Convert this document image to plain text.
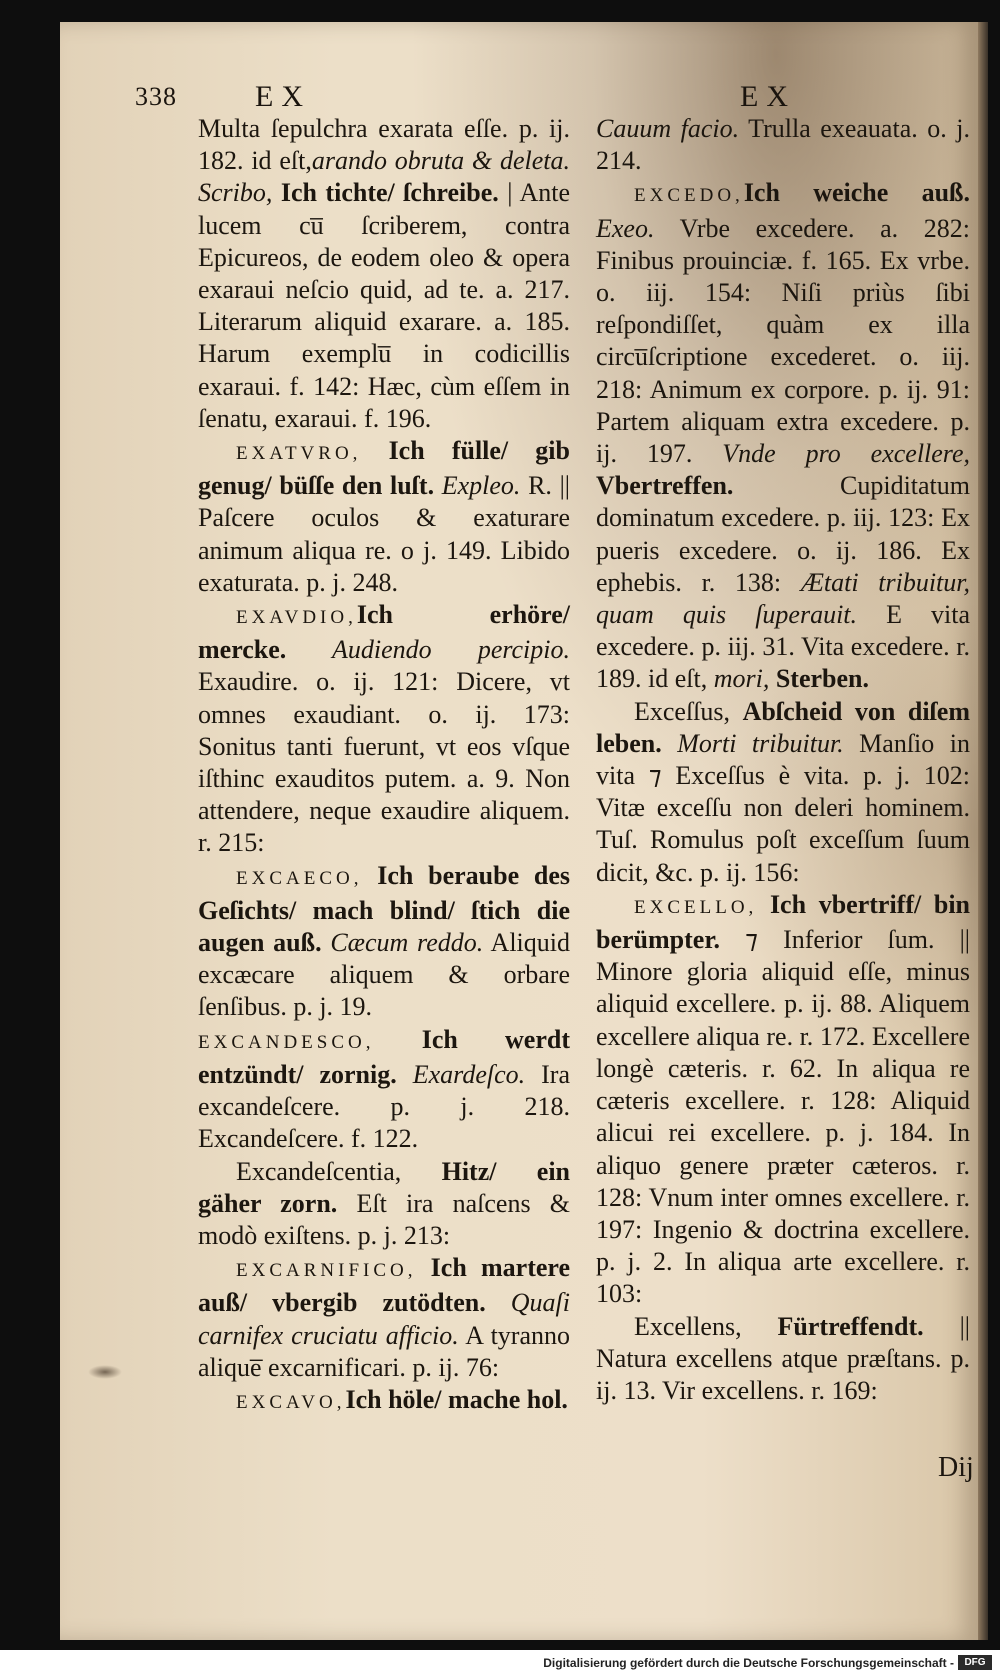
338	EX	EX

Multa ſepulchra exarata eſſe. p. ij. 182. id eſt,arando obruta & deleta. Scribo, Ich tichte/ ſchreibe. | Ante lucem cu̅ ſcriberem, contra Epicureos, de eodem oleo & opera exaraui neſcio quid, ad te. a. 217. Literarum aliquid exarare. a. 185. Harum exemplu̅ in codicillis exaraui. f. 142: Hæc, cùm eſſem in ſenatu, exaraui. f. 196.

EXATVRO, Ich fülle/ gib genug/ büſſe den luſt. Expleo. R. || Paſcere oculos & exaturare animum aliqua re. o j. 149. Libido exaturata. p. j. 248.

EXAVDIO,Ich erhöre/ mercke. Audiendo percipio. Exaudire. o. ij. 121: Dicere, vt omnes exaudiant. o. ij. 173: Sonitus tanti fuerunt, vt eos vſque iſthinc exauditos putem. a. 9. Non attendere, neque exaudire aliquem. r. 215:

EXCAECO, Ich beraube des Geſichts/ mach blind/ ſtich die augen auß. Cæcum reddo. Aliquid excæcare aliquem & orbare ſenſibus. p. j. 19.

EXCANDESCO, Ich werdt entzündt/ zornig. Exardeſco. Ira excandeſcere. p. j. 218. Excandeſcere. f. 122.

Excandeſcentia, Hitz/ ein gäher zorn. Eſt ira naſcens & modò exiſtens. p. j. 213:

EXCARNIFICO, Ich martere auß/ vbergib zutödten. Quaſi carnifex cruciatu afficio. A tyranno alique̅ excarnificari. p. ij. 76:

EXCAVO,Ich höle/ mache hol.

Cauum facio. Trulla exeauata. o. j. 214.

EXCEDO,Ich weiche auß. Exeo. Vrbe excedere. a. 282: Finibus prouinciæ. f. 165. Ex vrbe. o. iij. 154: Niſi priùs ſibi reſpondiſſet, quàm ex illa circu̅ſcriptione excederet. o. iij. 218: Animum ex corpore. p. ij. 91: Partem aliquam extra excedere. p. ij. 197. Vnde pro excellere, Vbertreffen. Cupiditatum dominatum excedere. p. iij. 123: Ex pueris excedere. o. ij. 186. Ex ephebis. r. 138: Ætati tribuitur, quam quis ſuperauit. E vita excedere. p. iij. 31. Vita excedere. r. 189. id eſt, mori, Sterben.

Exceſſus, Abſcheid von diſem leben. Morti tribuitur. Manſio in vita ⁊ Exceſſus è vita. p. j. 102: Vitæ exceſſu non deleri hominem. Tuſ. Romulus poſt exceſſum ſuum dicit, &c. p. ij. 156:

EXCELLO, Ich vbertriff/ bin berümpter. ⁊ Inferior ſum. || Minore gloria aliquid eſſe, minus aliquid excellere. p. ij. 88. Aliquem excellere aliqua re. r. 172. Excellere longè cæteris. r. 62. In aliqua re cæteris excellere. r. 128: Aliquid alicui rei excellere. p. j. 184. In aliquo genere præter cæteros. r. 128: Vnum inter omnes excellere. r. 197: Ingenio & doctrina excellere. p. j. 2. In aliqua arte excellere. r. 103:

Excellens, Fürtreffendt. || Natura excellens atque præſtans. p. ij. 13. Vir excellens. r. 169:

Dij
Digitalisierung gefördert durch die Deutsche Forschungsgemeinschaft -	DFG
